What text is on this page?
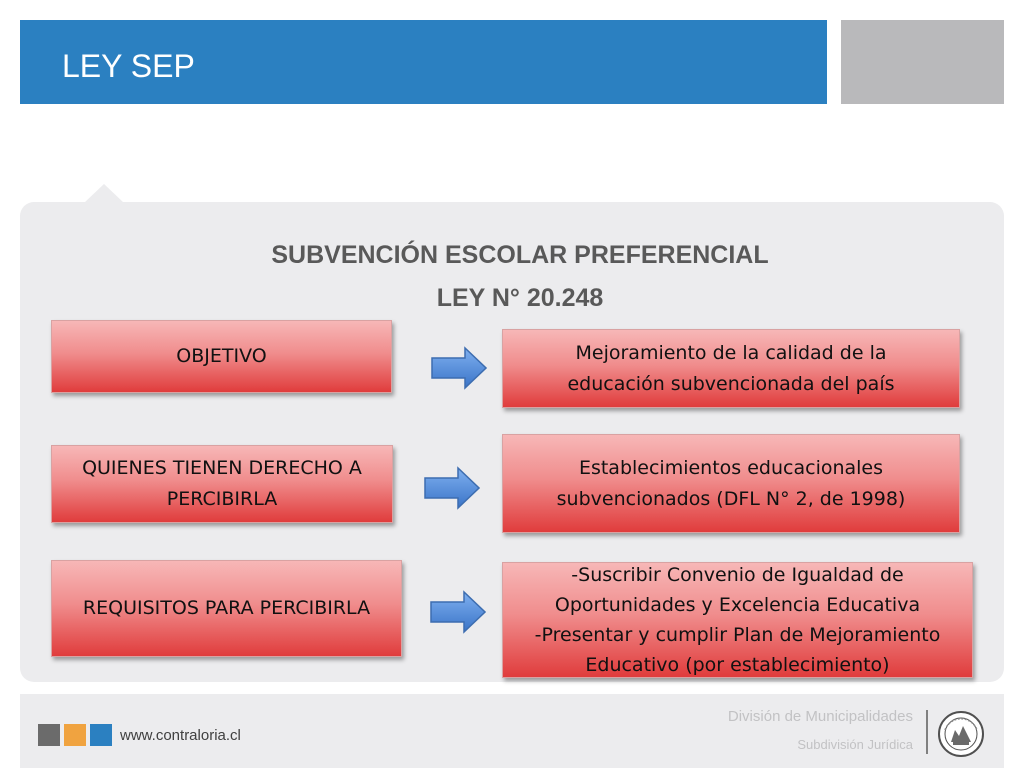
LEY SEP
SUBVENCIÓN ESCOLAR PREFERENCIAL
LEY N° 20.248
OBJETIVO	Mejoramiento de la calidad de la
educación subvencionada del país
QUIENES TIENEN DERECHO A
PERCIBIRLA
Establecimientos educacionales
subvencionados (DFL N° 2, de 1998)
REQUISITOS PARA PERCIBIRLA
-Suscribir Convenio de Igualdad de
Oportunidades y Excelencia Educativa
-Presentar y cumplir Plan de Mejoramiento
Educativo (por establecimiento)
www.contraloria.cl
División de Municipalidades
Subdivisión Jurídica
